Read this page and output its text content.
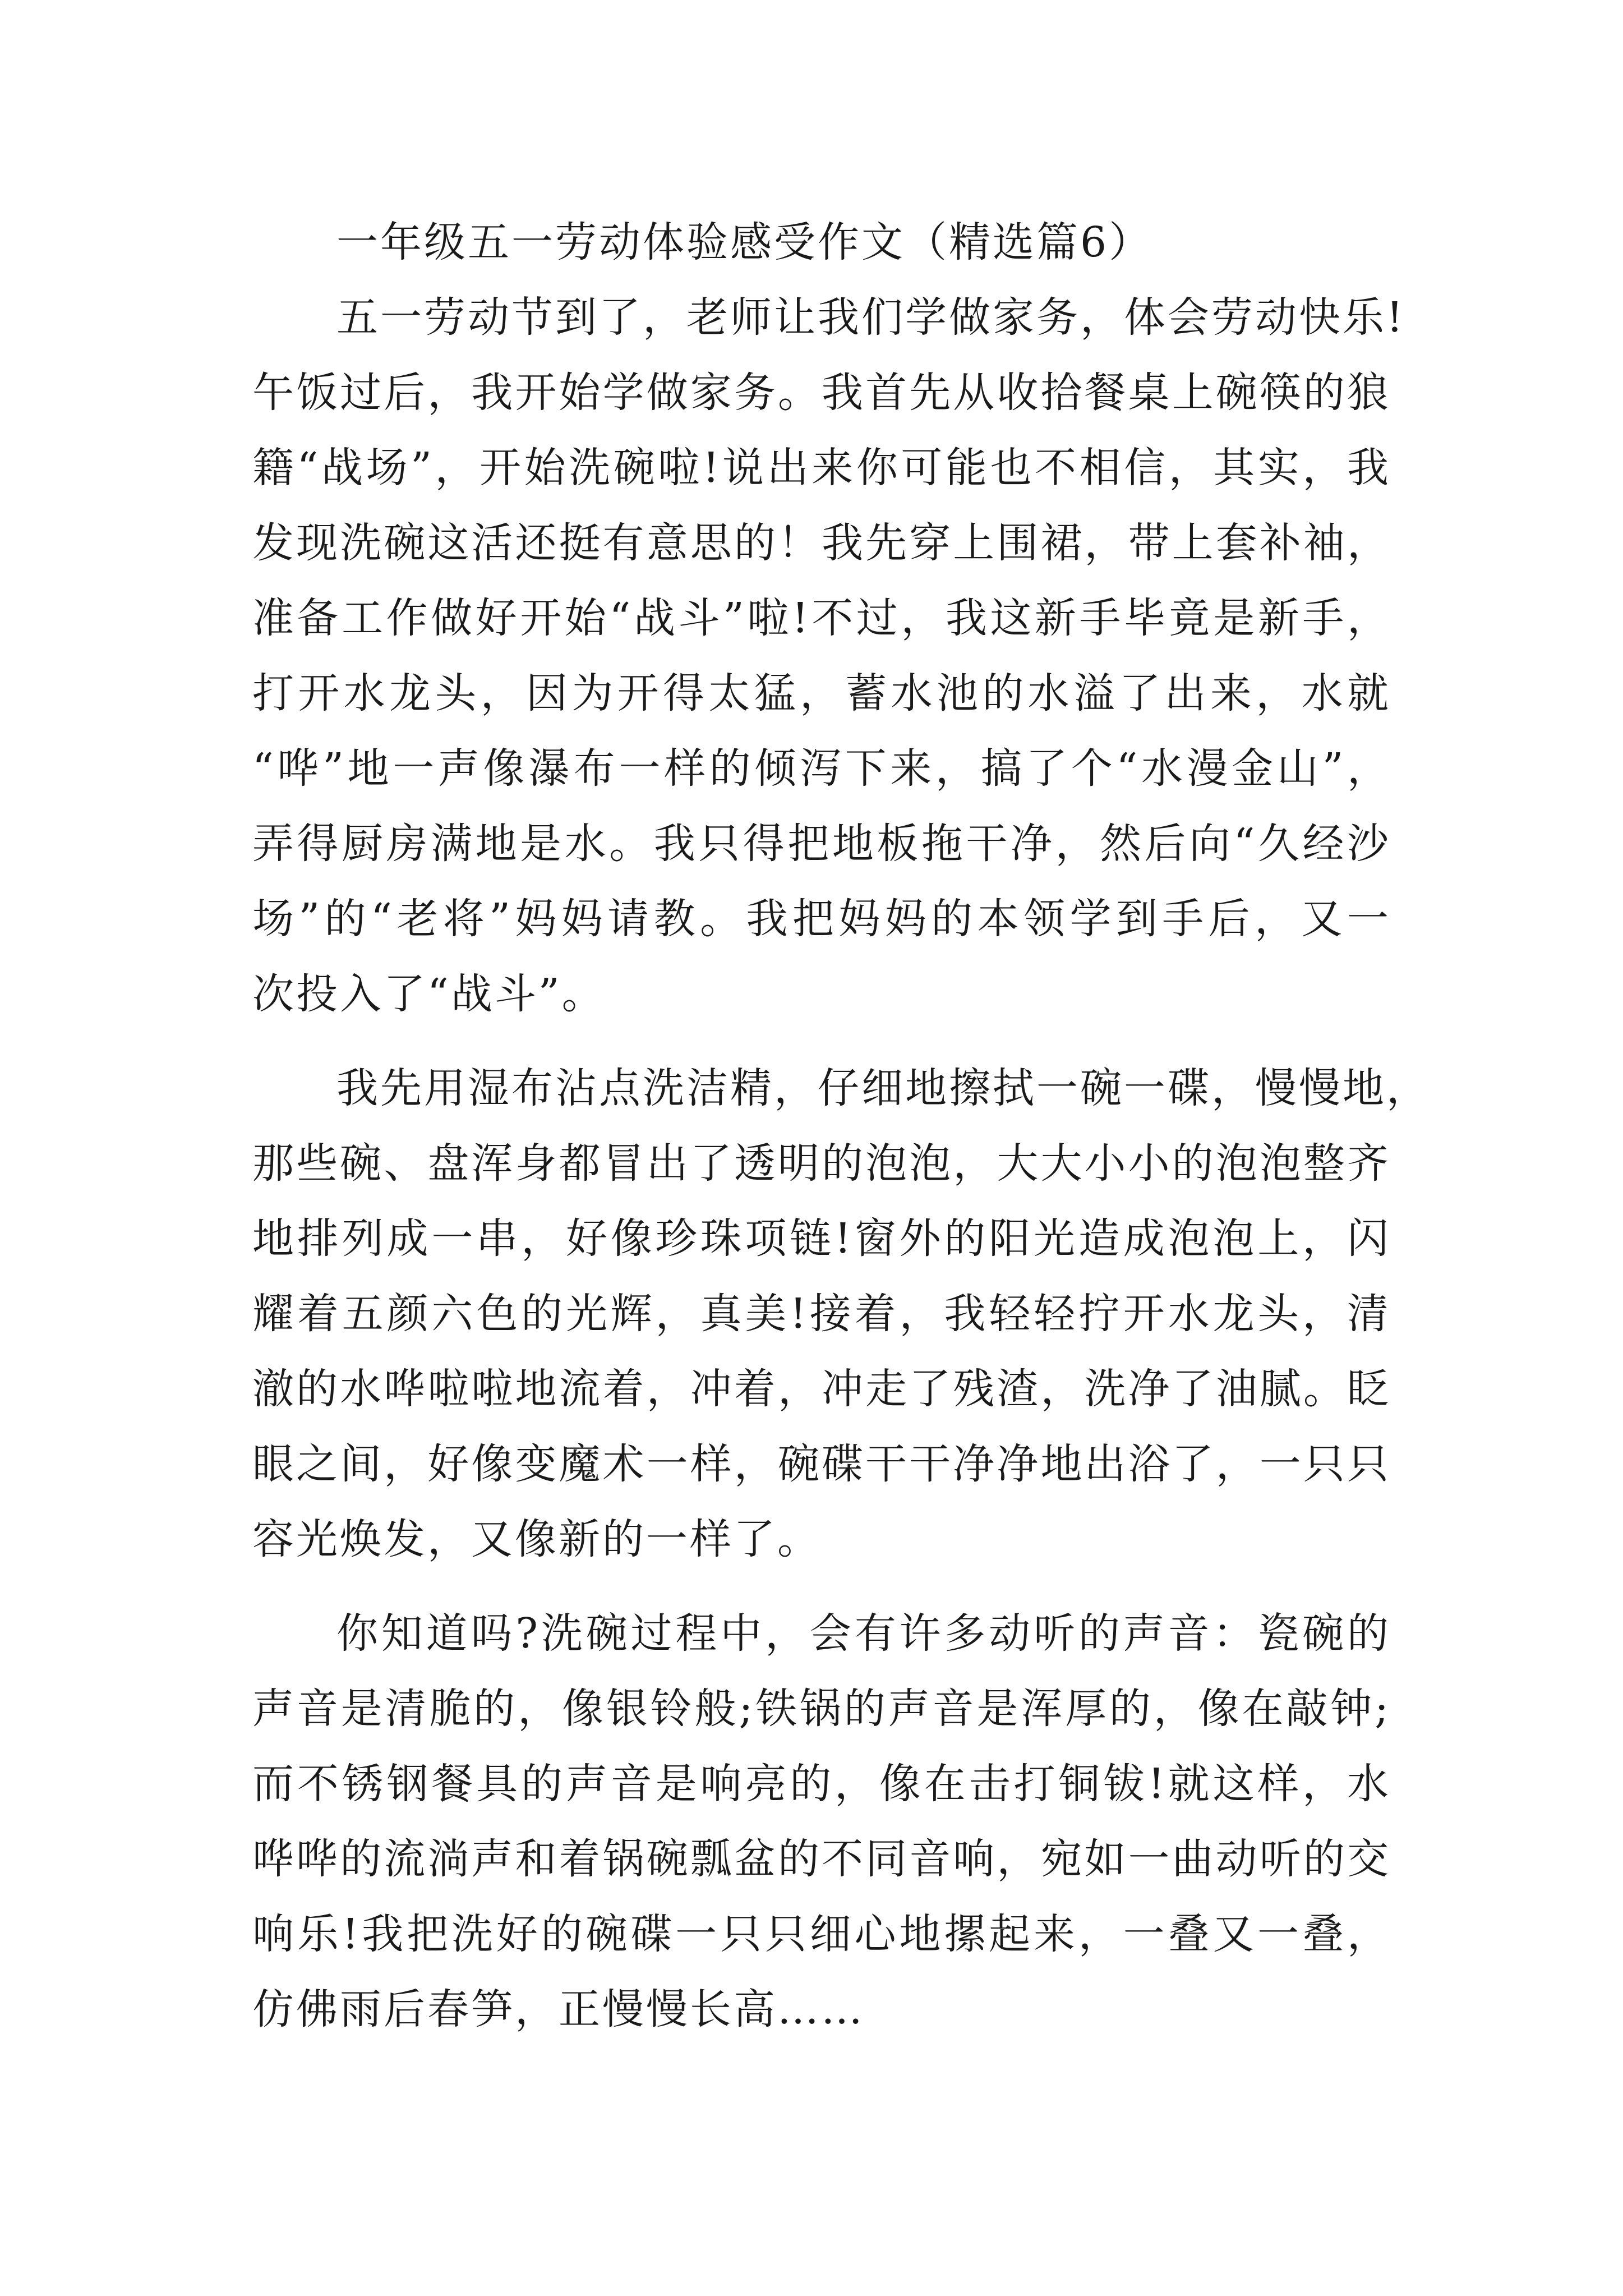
一年级五一劳动体验感受作文（精选篇6）
五一劳动节到了，老师让我们学做家务，体会劳动快乐!
午饭过后，我开始学做家务。我首先从收拾餐桌上碗筷的狼
籍“战场”，开始洗碗啦!说出来你可能也不相信，其实，我
发现洗碗这活还挺有意思的！我先穿上围裙，带上套补袖，
准备工作做好开始“战斗”啦!不过，我这新手毕竟是新手，
打开水龙头，因为开得太猛，蓄水池的水溢了出来，水就
“哗”地一声像瀑布一样的倾泻下来，搞了个“水漫金山”，
弄得厨房满地是水。我只得把地板拖干净，然后向“久经沙
场”的“老将”妈妈请教。我把妈妈的本领学到手后，又一
次投入了“战斗”。
我先用湿布沾点洗洁精，仔细地擦拭一碗一碟，慢慢地，
那些碗、盘浑身都冒出了透明的泡泡，大大小小的泡泡整齐
地排列成一串，好像珍珠项链!窗外的阳光造成泡泡上，闪
耀着五颜六色的光辉，真美!接着，我轻轻拧开水龙头，清
澈的水哗啦啦地流着，冲着，冲走了残渣，洗净了油腻。眨
眼之间，好像变魔术一样，碗碟干干净净地出浴了，一只只
容光焕发，又像新的一样了。
你知道吗?洗碗过程中，会有许多动听的声音：瓷碗的
声音是清脆的，像银铃般;铁锅的声音是浑厚的，像在敲钟;
而不锈钢餐具的声音是响亮的，像在击打铜钹!就这样，水
哗哗的流淌声和着锅碗瓢盆的不同音响，宛如一曲动听的交
响乐!我把洗好的碗碟一只只细心地摞起来，一叠又一叠，
仿佛雨后春笋，正慢慢长高……
